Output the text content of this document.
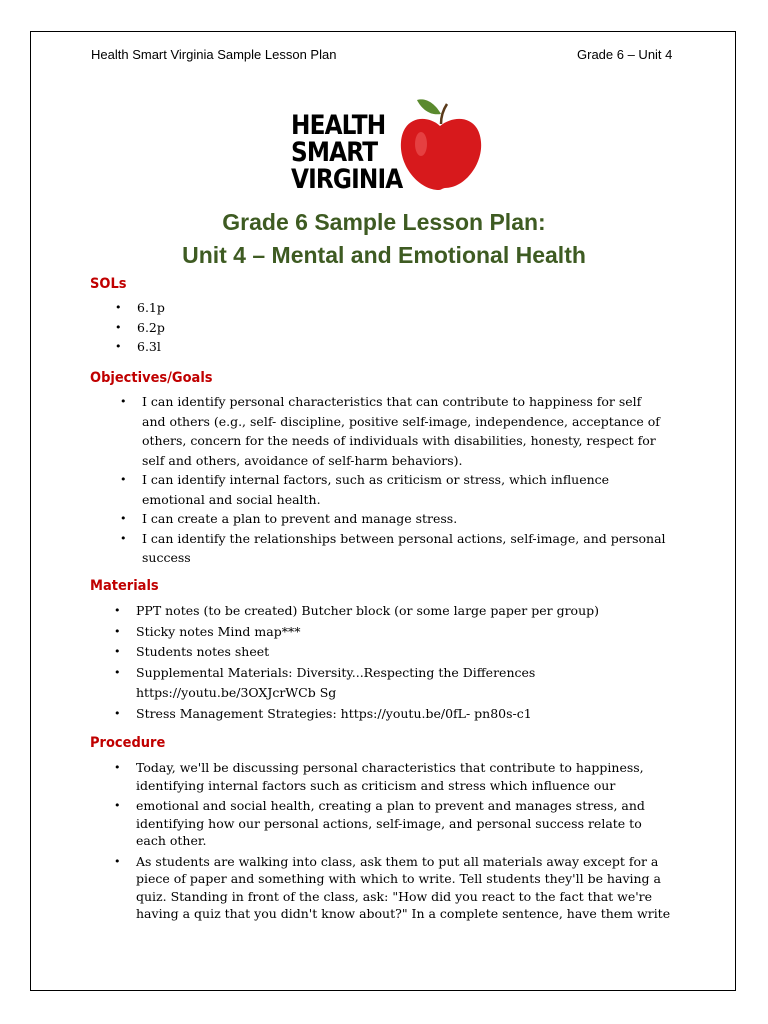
Health Smart Virginia Sample Lesson Plan	Grade 6 – Unit 4
HEALTH
SMART
VIRGINIA
Grade 6 Sample Lesson Plan:
Unit 4 – Mental and Emotional Health
SOLs
• 6.1p
• 6.2p
• 6.3l
Objectives/Goals
• I can identify personal characteristics that can contribute to happiness for self
and others (e.g., self- discipline, positive self-image, independence, acceptance of
others, concern for the needs of individuals with disabilities, honesty, respect for
self and others, avoidance of self-harm behaviors).
• I can identify internal factors, such as criticism or stress, which influence
emotional and social health.
• I can create a plan to prevent and manage stress.
• I can identify the relationships between personal actions, self-image, and personal
success
Materials
• PPT notes (to be created) Butcher block (or some large paper per group)
• Sticky notes Mind map***
• Students notes sheet
• Supplemental Materials: Diversity...Respecting the Differences
https://youtu.be/3OXJcrWCb Sg
• Stress Management Strategies: https://youtu.be/0fL- pn80s-c1
Procedure
• Today, we'll be discussing personal characteristics that contribute to happiness,
identifying internal factors such as criticism and stress which influence our
• emotional and social health, creating a plan to prevent and manages stress, and
identifying how our personal actions, self-image, and personal success relate to
each other.
• As students are walking into class, ask them to put all materials away except for a
piece of paper and something with which to write. Tell students they'll be having a
quiz. Standing in front of the class, ask: "How did you react to the fact that we're
having a quiz that you didn't know about?" In a complete sentence, have them write
